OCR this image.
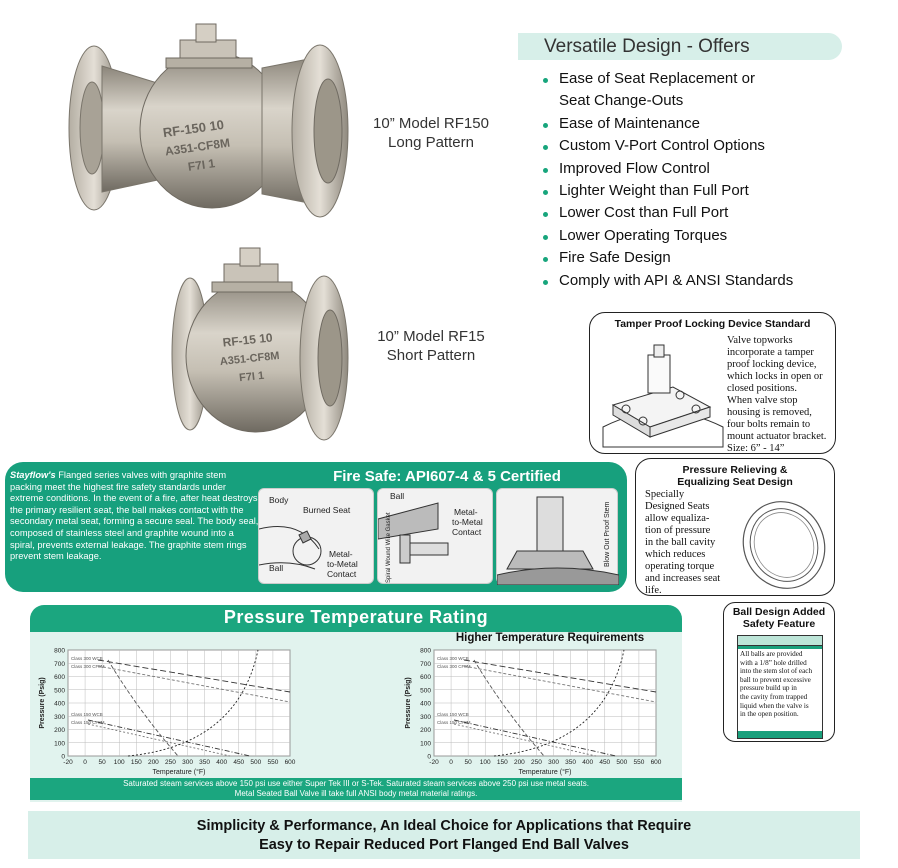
RF-150 10
A351-CF8M
F7I 1
10” Model RF150
Long Pattern
RF-15 10
A351-CF8M
F7I 1
10” Model RF15
Short Pattern
Versatile Design - Offers
Ease of Seat Replacement or
Seat Change-Outs
Ease of Maintenance
Custom V-Port Control Options
Improved Flow Control
Lighter Weight than Full Port
Lower Cost than Full Port
Lower Operating Torques
Fire Safe Design
Comply with API & ANSI Standards
Tamper Proof Locking Device Standard
Valve topworks
incorporate a tamper
proof locking device,
which locks in open or
closed positions.
When valve stop
housing is removed,
four bolts remain to
mount actuator bracket.
Size: 6” - 14”
Pressure Relieving &
Equalizing Seat Design
Specially
Designed Seats
allow equaliza-
tion of pressure
in the ball cavity
which reduces
operating torque
and increases seat
life.
Ball Design Added
Safety Feature
All balls are provided
with a 1/8” hole drilled
into the stem slot of each
ball to prevent excessive
pressure build up in
the cavity from trapped
liquid when the valve is
in the open position.
Stayflow's Flanged series valves with graphite stem packing meet the highest fire safety standards under extreme conditions. In the event of a fire, after heat destroys the primary resilient seat, the ball makes contact with the secondary metal seat, forming a secure seal. The body seal, composed of stainless steel and graphite wound into a spiral, prevents external leakage. The graphite stem rings prevent stem leakage.
Fire Safe: API607-4 & 5 Certified
Body
Burned Seat
Ball
Metal-
to-Metal
Contact
Ball
Metal-
to-Metal
Contact
Spiral Wound Wire Gasket	Blow Out Proof Stem
Pressure Temperature Rating
Higher Temperature Requirements
800
700
600
500
400
300
200
100
0
-20 0 50 100 150 200 250 300 350 400 450 500 550 600
Pressure (Psig)
Temperature (°F)
Class 300 WCB
Class 300 CF8M
Class 150 WCB
Class 150 CF8M
800
700
600
500
400
300
200
100
0
-20 0 50 100 150 200 250 300 350 400 450 500 550 600
Pressure (Psig)
Temperature (°F)
Class 300 WCB
Class 300 CF8M
Class 150 WCB
Class 150 CF8M
Saturated steam services above 150 psi use either Super Tek III or S-Tek. Saturated steam services above 250 psi use metal seats.
Metal Seated Ball Valve ill take full ANSI body metal material ratings.
Simplicity & Performance, An Ideal Choice for Applications that Require
Easy to Repair Reduced Port Flanged End Ball Valves
